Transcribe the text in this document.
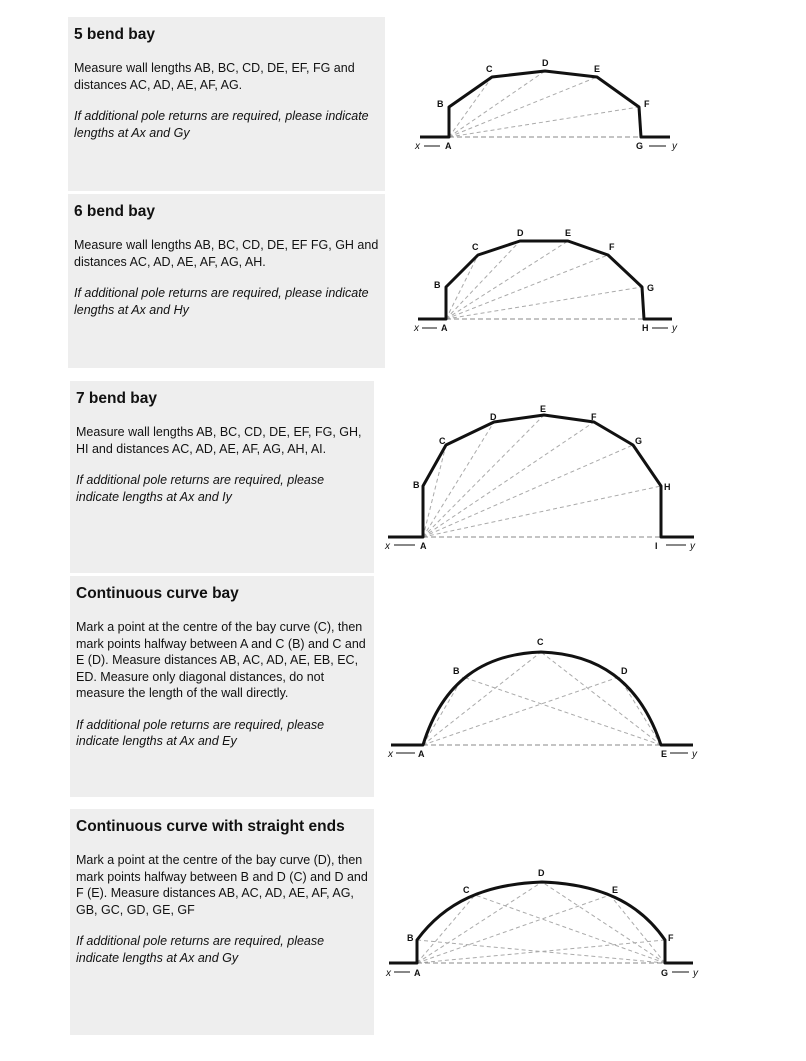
5 bend bay

Measure wall lengths AB, BC, CD, DE, EF, FG and distances AC, AD, AE, AF, AG.

If additional pole returns are required, please indicate lengths at Ax and Gy

B
C
D
E
F
A	G
x	y
6 bend bay

Measure wall lengths AB, BC, CD, DE, EF FG, GH and distances AC, AD, AE, AF, AG, AH.

If additional pole returns are required, please indicate lengths at Ax and Hy

B
C
D	E
F
G
A	H
x	y
7 bend bay

Measure wall lengths AB, BC, CD, DE, EF, FG, GH, HI and distances AC, AD, AE, AF, AG, AH, AI.

If additional pole returns are required, please indicate lengths at Ax and Iy

B
C
D
E
F
G
H
A	I
x	y
Continuous curve bay

Mark a point at the centre of the bay curve (C), then mark points halfway between A and C (B) and C and E (D). Measure distances AB, AC, AD, AE, EB, EC, ED. Measure only diagonal distances, do not measure the length of the wall directly.

If additional pole returns are required, please indicate lengths at Ax and Ey

B
C
D
A	E
x	y
Continuous curve with straight ends

Mark a point at the centre of the bay curve (D), then mark points halfway between B and D (C) and D and F (E). Measure distances AB, AC, AD, AE, AF, AG, GB, GC, GD, GE, GF

If additional pole returns are required, please indicate lengths at Ax and Gy

B
C
D
E
F
A	G
x	y
